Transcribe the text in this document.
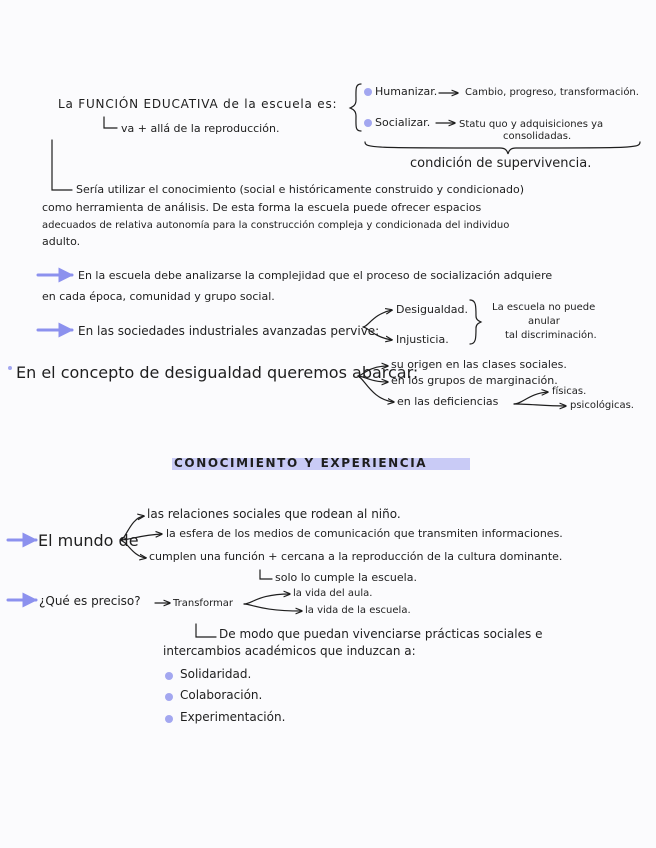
La FUNCIÓN EDUCATIVA de la escuela es:
va + allá de la reproducción.
Humanizar.	Cambio, progreso, transformación.
Socializar.	Statu quo y adquisiciones ya
consolidadas.
condición de supervivencia.
Sería utilizar el conocimiento (social e históricamente construido y condicionado)
como herramienta de análisis. De esta forma la escuela puede ofrecer espacios
adecuados de relativa autonomía para la construcción compleja y condicionada del individuo
adulto.
En la escuela debe analizarse la complejidad que el proceso de socialización adquiere
en cada época, comunidad y grupo social.
En las sociedades industriales avanzadas pervive:
Desigualdad.
Injusticia.
La escuela no puede
anular
tal discriminación.
En el concepto de desigualdad queremos abarcar:
su origen en las clases sociales.
en los grupos de marginación.
en las deficiencias
físicas.
psicológicas.
CONOCIMIENTO Y EXPERIENCIA
El mundo de
las relaciones sociales que rodean al niño.
la esfera de los medios de comunicación que transmiten informaciones.
cumplen una función + cercana a la reproducción de la cultura dominante.
solo lo cumple la escuela.
¿Qué es preciso?	Transformar
la vida del aula.
la vida de la escuela.
De modo que puedan vivenciarse prácticas sociales e
intercambios académicos que induzcan a:
Solidaridad.
Colaboración.
Experimentación.
